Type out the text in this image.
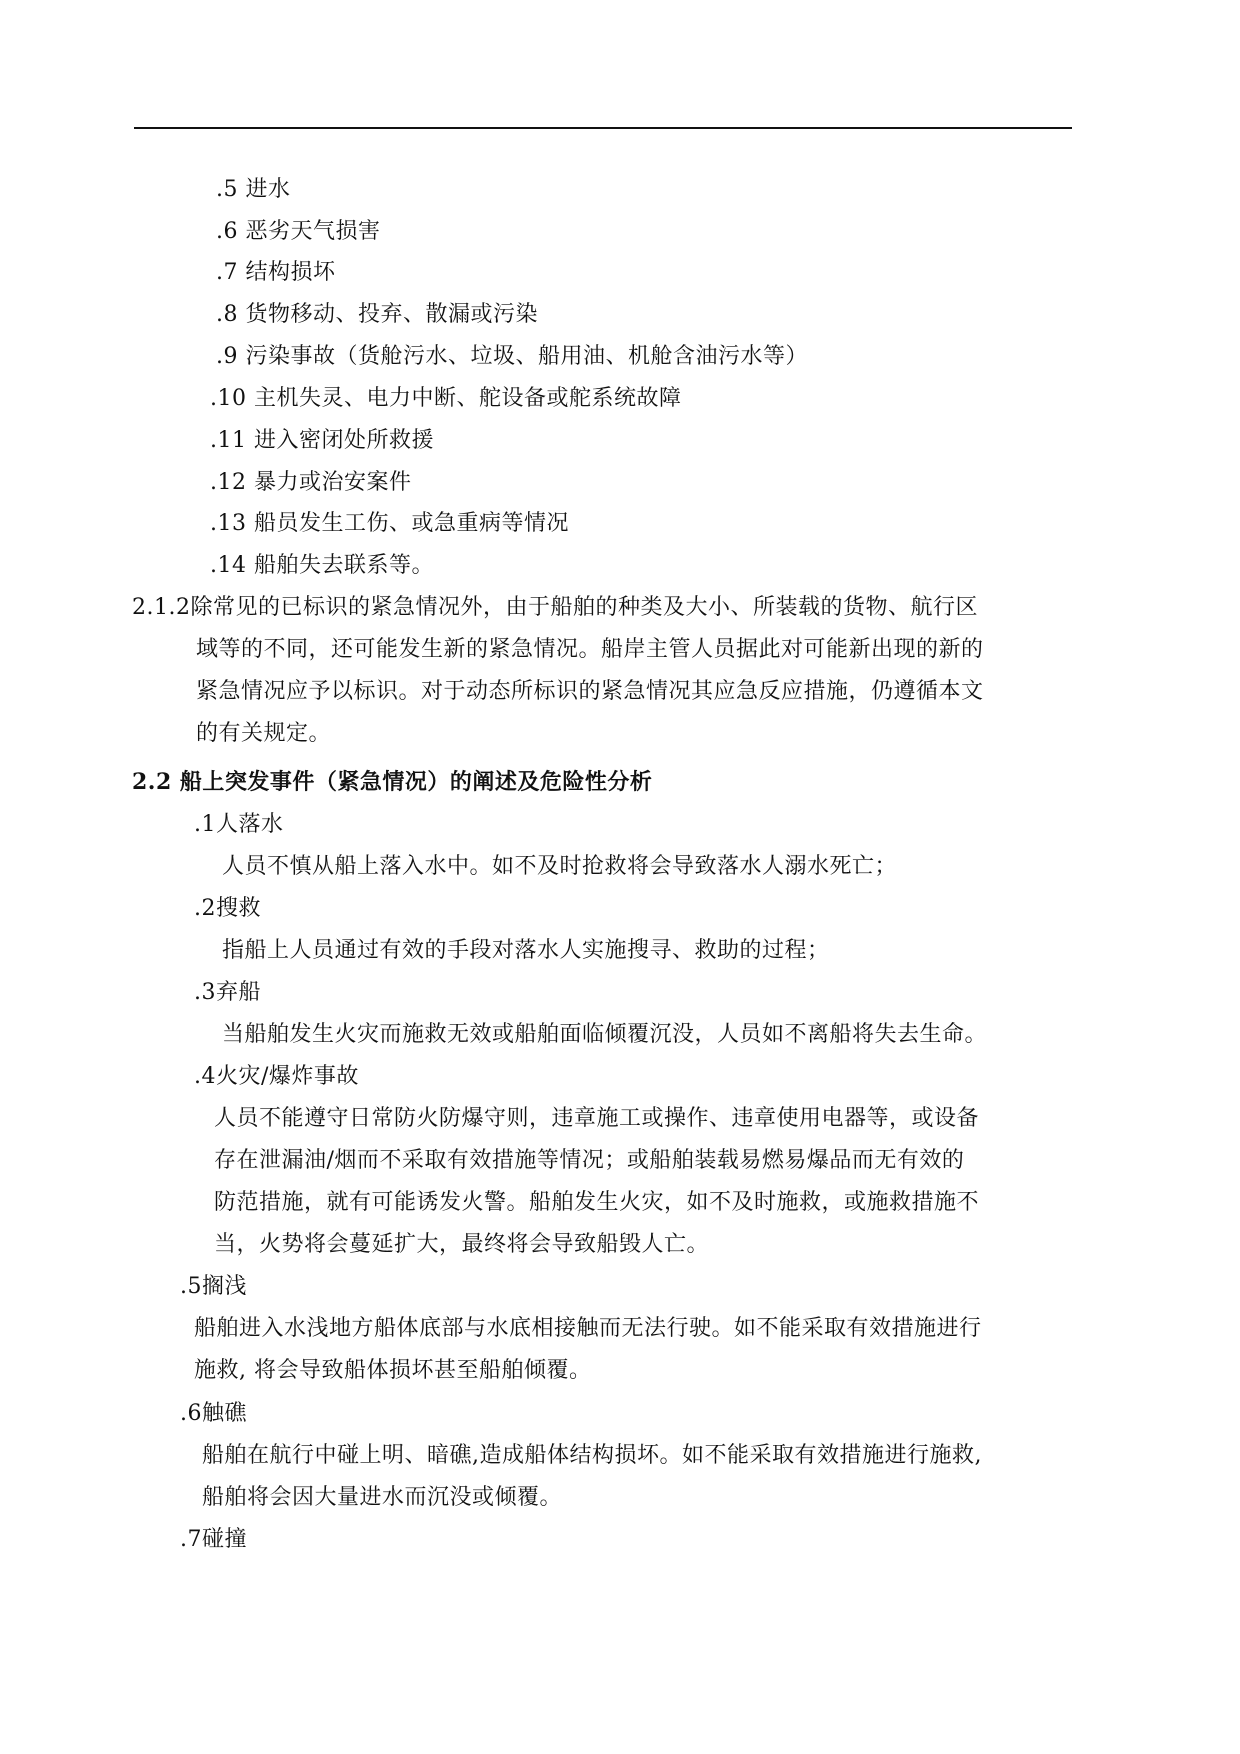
.5 进水
.6 恶劣天气损害
.7 结构损坏
.8 货物移动、投弃、散漏或污染
.9 污染事故（货舱污水、垃圾、船用油、机舱含油污水等）
.10 主机失灵、电力中断、舵设备或舵系统故障
.11 进入密闭处所救援
.12 暴力或治安案件
.13 船员发生工伤、或急重病等情况
.14 船舶失去联系等。
2.1.2除常见的已标识的紧急情况外，由于船舶的种类及大小、所装载的货物、航行区
域等的不同，还可能发生新的紧急情况。船岸主管人员据此对可能新出现的新的
紧急情况应予以标识。对于动态所标识的紧急情况其应急反应措施，仍遵循本文
的有关规定。
2.2 船上突发事件（紧急情况）的阐述及危险性分析
.1人落水
人员不慎从船上落入水中。如不及时抢救将会导致落水人溺水死亡；
.2搜救
指船上人员通过有效的手段对落水人实施搜寻、救助的过程；
.3弃船
当船舶发生火灾而施救无效或船舶面临倾覆沉没，人员如不离船将失去生命。
.4火灾/爆炸事故
人员不能遵守日常防火防爆守则，违章施工或操作、违章使用电器等，或设备
存在泄漏油/烟而不采取有效措施等情况；或船舶装载易燃易爆品而无有效的
防范措施，就有可能诱发火警。船舶发生火灾，如不及时施救，或施救措施不
当，火势将会蔓延扩大，最终将会导致船毁人亡。
.5搁浅
船舶进入水浅地方船体底部与水底相接触而无法行驶。如不能采取有效措施进行
施救, 将会导致船体损坏甚至船舶倾覆。
.6触礁
船舶在航行中碰上明、暗礁,造成船体结构损坏。如不能采取有效措施进行施救,
船舶将会因大量进水而沉没或倾覆。
.7碰撞
